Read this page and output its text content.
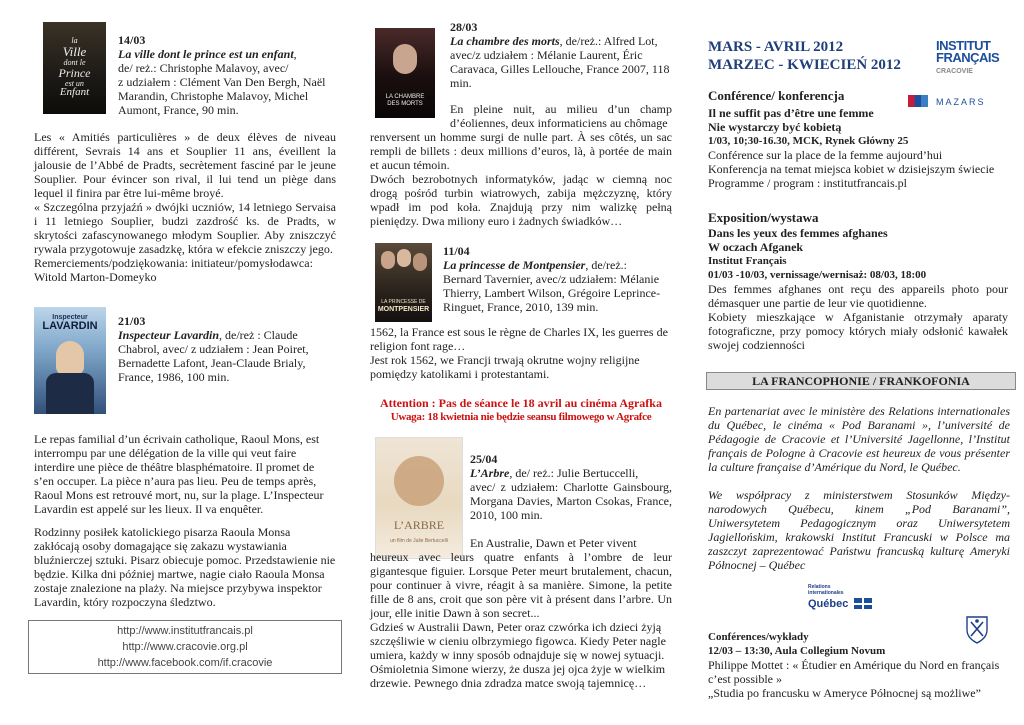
la
Ville
dont le
Prince
est un
Enfant
14/03
La ville dont le prince est un enfant,
de/ reż.: Christophe Malavoy, avec/
z udziałem : Clément Van Den Bergh, Naël Marandin, Christophe Malavoy, Michel Aumont, France, 90 min.
Les « Amitiés particulières » de deux élèves de niveau différent, Sevrais 14 ans et Souplier 11 ans, éveillent la jalousie de l’Abbé de Pradts, secrètement fasciné par le jeune Souplier. Pour évincer son rival, il lui tend un piège dans lequel il finira par être lui-même broyé.
« Szczególna przyjaźń » dwójki uczniów, 14 letniego Servaisa i 11 letniego Souplier, budzi zazdrość ks. de Pradts, w skrytości zafascynowanego młodym Souplier. Aby zniszczyć rywala przygotowuje zasadzkę, która w efekcie zniszczy jego.
Remerciements/podziękowania: initiateur/pomysłodawca: Witold Marton-Domeyko
Inspecteur
LAVARDIN	21/03
Inspecteur Lavardin, de/reż : Claude
Chabrol, avec/ z udziałem : Jean Poiret, Bernadette Lafont, Jean-Claude Brialy, France, 1986, 100 min.
Le repas familial d’un écrivain catholique, Raoul Mons, est interrompu par une délégation de la ville qui veut faire interdire une pièce de théâtre blasphématoire. Il promet de s’en occuper. La pièce n’aura pas lieu. Peu de temps après, Raoul Mons est retrouvé mort, nu, sur la plage. L’Inspecteur Lavardin est appelé sur les lieux. Il va enquêter.
Rodzinny posiłek katolickiego pisarza Raoula Monsa zakłócają osoby domagające się zakazu wystawiania bluźnierczej sztuki. Pisarz obiecuje pomoc. Przedstawienie nie będzie. Kilka dni później martwe, nagie ciało Raoula Monsa zostaje znalezione na plaży. Na miejsce przybywa inspektor Lavardin, który rozpoczyna śledztwo.
http://www.institutfrancais.pl
http://www.cracovie.org.pl
http://www.facebook.com/if.cracovie
LA CHAMBRE
DES MORTS
28/03
La chambre des morts, de/reż.: Alfred Lot,
avec/z udziałem : Mélanie Laurent, Éric Caravaca, Gilles Lellouche, France 2007, 118 min.
En pleine nuit, au milieu d’un champ d’éoliennes, deux informaticiens au chômage
renversent un homme surgi de nulle part. À ses côtés, un sac rempli de billets : deux millions d’euros, là, à portée de main et aucun témoin.
Dwóch bezrobotnych informatyków, jadąc w ciemną noc drogą pośród turbin wiatrowych, zabija mężczyznę, który wpadł im pod koła. Znajdują przy nim walizkę pełną pieniędzy. Dwa miliony euro i żadnych świadków…
LA PRINCESSE DE
MONTPENSIER
11/04
La princesse de Montpensier, de/reż.:
Bernard Tavernier, avec/z udziałem: Mélanie Thierry, Lambert Wilson, Grégoire Leprince-Ringuet, France, 2010, 139 min.
1562, la France est sous le règne de Charles IX, les guerres de religion font rage…
Jest rok 1562, we Francji trwają okrutne wojny religijne pomiędzy katolikami i protestantami.
Attention : Pas de séance le 18 avril au cinéma Agrafka
Uwaga: 18 kwietnia nie będzie seansu filmowego w Agrafce
L’ARBRE
un film de Julie Bertuccelli
25/04
L’Arbre, de/ reż.: Julie Bertuccelli,
avec/ z udziałem: Charlotte Gainsbourg, Morgana Davies, Marton Csokas, France, 2010, 100 min.
En Australie, Dawn et Peter vivent
heureux avec leurs quatre enfants à l’ombre de leur gigantesque figuier. Lorsque Peter meurt brutalement, chacun, pour continuer à vivre, réagit à sa manière. Simone, la petite fille de 8 ans, croit que son père vit à présent dans l’arbre. Un jour, elle initie Dawn à son secret...
Gdzieś w Australii Dawn, Peter oraz czwórka ich dzieci żyją szczęśliwie w cieniu olbrzymiego figowca. Kiedy Peter nagle umiera, każdy w inny sposób odnajduje się w nowej sytuacji. Ośmioletnia Simone wierzy, że dusza jej ojca żyje w wielkim drzewie. Pewnego dnia zdradza matce swoją tajemnicę…
MARS - AVRIL 2012
MARZEC - KWIECIEŃ 2012
INSTITUT
FRANÇAIS
CRACOVIE
MAZARS
Conférence/ konferencja
Il ne suffit pas d’être une femme
Nie wystarczy być kobietą
1/03, 10;30-16.30, MCK, Rynek Główny 25
Conférence sur la place de la femme aujourd’hui
Konferencja na temat miejsca kobiet w dzisiejszym świecie
Programme / program : institutfrancais.pl
Exposition/wystawa
Dans les yeux des femmes afghanes
W oczach Afganek
Institut Français
01/03 -10/03, vernissage/wernisaż: 08/03, 18:00
Des femmes afghanes ont reçu des appareils photo pour démasquer une partie de leur vie quotidienne.
Kobiety mieszkające w Afganistanie otrzymały aparaty fotograficzne, przy pomocy których miały odsłonić kawałek swojej codzienności
LA FRANCOPHONIE / FRANKOFONIA
En partenariat avec le ministère des Relations internationales du Québec, le cinéma « Pod Baranami », l’université de Pédagogie de Cracovie et l’Université Jagellonne, l’Institut français de Pologne à Cracovie est heureux de vous présenter la culture française d’Amérique du Nord, le Québec.
We współpracy z ministerstwem Stosunków Między-narodowych Québecu, kinem „Pod Baranami”, Uniwersytetem Pedagogicznym oraz Uniwersytetem Jagiellońskim, krakowski Institut Francuski w Polsce ma zaszczyt zaprezentować Państwu francuską kulturę Ameryki Północnej – Québec
Relations
internationales
Québec
Conférences/wykłady
12/03 – 13:30, Aula Collegium Novum
Philippe Mottet : « Étudier en Amérique du Nord en français c’est possible »
„Studia po francusku w Ameryce Północnej są możliwe”
